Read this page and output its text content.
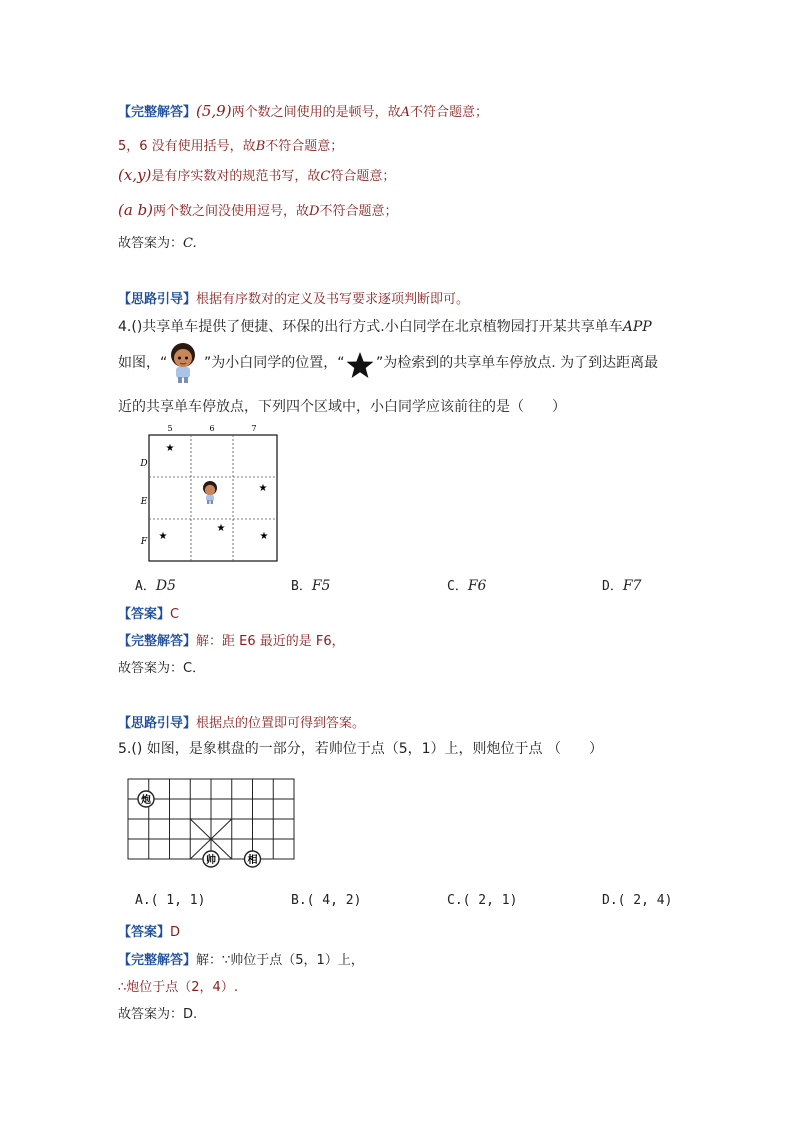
【完整解答】(5,9)两个数之间使用的是顿号，故A不符合题意；
5，6 没有使用括号，故B不符合题意；
(x,y)是有序实数对的规范书写，故C符合题意；
(a b)两个数之间没使用逗号，故D不符合题意；
故答案为：C.
【思路引导】根据有序数对的定义及书写要求逐项判断即可。
4.()共享单车提供了便捷、环保的出行方式.小白同学在北京植物园打开某共享单车APP
如图，“	”为小白同学的位置，“ ”为检索到的共享单车停放点. 为了到达距离最
近的共享单车停放点，下列四个区域中，小白同学应该前往的是（　　）
5	6	7
D
E
F
★
★
★
★
★
A．D5	B．F5	C．F6	D．F7
【答案】C
【完整解答】解：距 E6 最近的是 F6，
故答案为：C．
【思路引导】根据点的位置即可得到答案。
5.() 如图，是象棋盘的一部分，若帅位于点（5，1）上，则炮位于点 （　　）
炮
帅	相
A.( 1, 1)	B.( 4, 2)	C.( 2, 1)	D.( 2, 4)
【答案】D
【完整解答】解：∵帅位于点（5，1）上，
∴炮位于点（2，4）.
故答案为：D.
